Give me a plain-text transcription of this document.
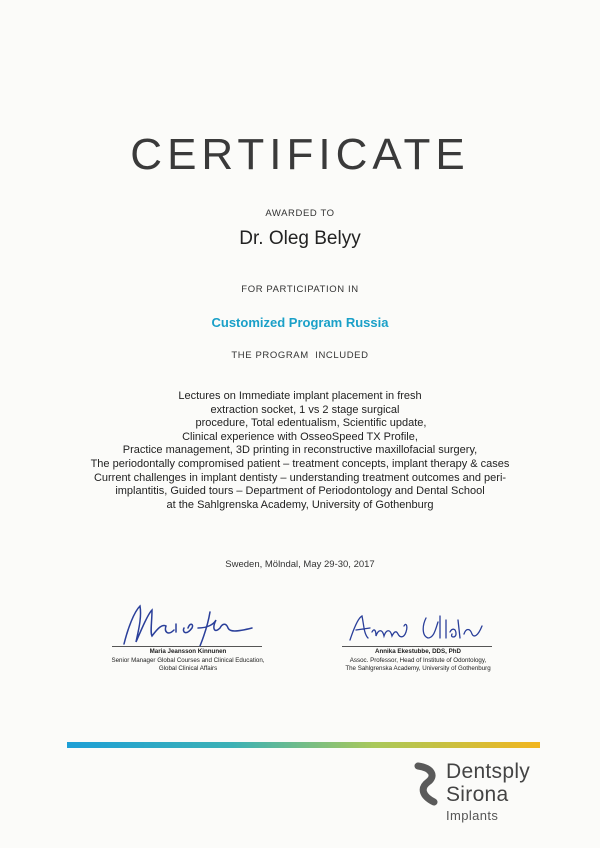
CERTIFICATE
AWARDED TO
Dr. Oleg Belyy
FOR PARTICIPATION IN
Customized Program Russia
THE PROGRAM  INCLUDED
Lectures on Immediate implant placement in fresh
extraction socket, 1 vs 2 stage surgical
procedure, Total edentualism, Scientific update,
Clinical experience with OsseoSpeed TX Profile,
Practice management, 3D printing in reconstructive maxillofacial surgery,
The periodontally compromised patient – treatment concepts, implant therapy & cases
Current challenges in implant dentisty – understanding treatment outcomes and peri-
implantitis, Guided tours – Department of Periodontology and Dental School
at the Sahlgrenska Academy, University of Gothenburg
Sweden, Mölndal, May 29-30, 2017
Maria Jeansson Kinnunen
Senior Manager Global Courses and Clinical Education,
Global Clinical Affairs
Annika Ekestubbe, DDS, PhD
Assoc. Professor, Head of Institute of Odontology,
The Sahlgrenska Academy, University of Gothenburg
Dentsply
Sirona
Implants
